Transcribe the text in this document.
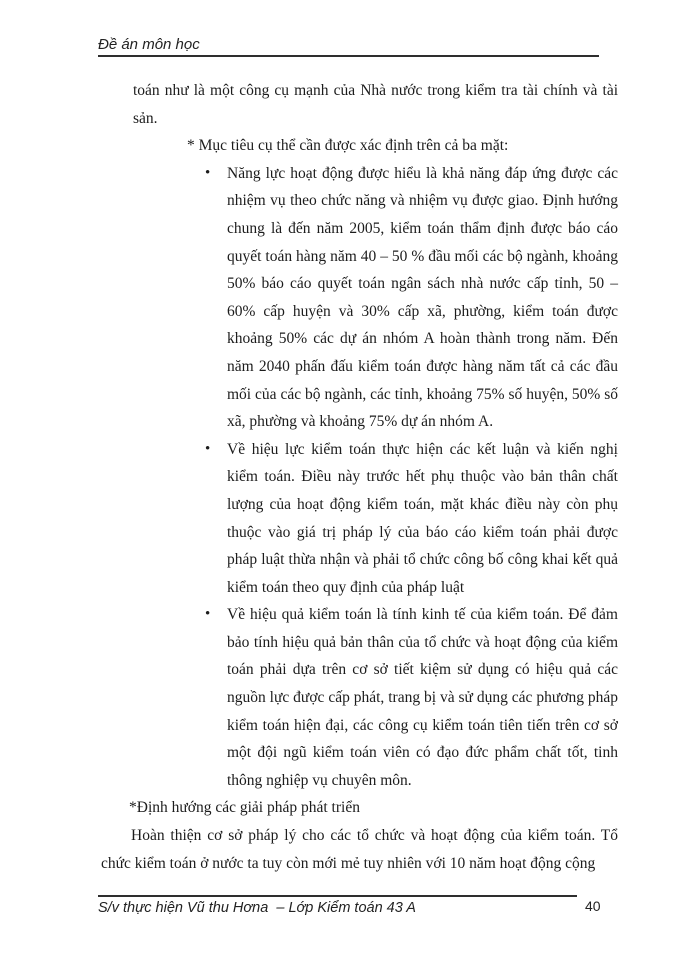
Đề án môn học

toán như là một công cụ mạnh của Nhà nước trong kiểm tra tài chính và tài sản.

* Mục tiêu cụ thể cần được xác định trên cả ba mặt:

• Năng lực hoạt động được hiểu là khả năng đáp ứng được các nhiệm vụ theo chức năng và nhiệm vụ được giao. Định hướng chung là đến năm 2005, kiểm toán thẩm định được báo cáo quyết toán hàng năm 40 – 50 % đầu mối các bộ ngành, khoảng 50% báo cáo quyết toán ngân sách nhà nước cấp tỉnh, 50 – 60% cấp huyện và 30% cấp xã, phường, kiểm toán được khoảng 50% các dự án nhóm A hoàn thành trong năm. Đến năm 2040 phấn đấu kiểm toán được hàng năm tất cả các đầu mối của các bộ ngành, các tỉnh, khoảng 75% số huyện, 50% số xã, phường và khoảng 75% dự án nhóm A.
• Về hiệu lực kiểm toán thực hiện các kết luận và kiến nghị kiểm toán. Điều này trước hết phụ thuộc vào bản thân chất lượng của hoạt động kiểm toán, mặt khác điều này còn phụ thuộc vào giá trị pháp lý của báo cáo kiểm toán phải được pháp luật thừa nhận và phải tổ chức công bố công khai kết quả kiểm toán theo quy định của pháp luật
• Về hiệu quả kiểm toán là tính kinh tế của kiểm toán. Để đảm bảo tính hiệu quả bản thân của tổ chức và hoạt động của kiểm toán phải dựa trên cơ sở tiết kiệm sử dụng có hiệu quả các nguồn lực được cấp phát, trang bị và sử dụng các phương pháp kiểm toán hiện đại, các công cụ kiểm toán tiên tiến trên cơ sở một đội ngũ kiểm toán viên có đạo đức phẩm chất tốt, tinh thông nghiệp vụ chuyên môn.

*Định hướng các giải pháp phát triển

Hoàn thiện cơ sở pháp lý cho các tổ chức và hoạt động của kiểm toán. Tổ chức kiểm toán ở nước ta tuy còn mới mẻ tuy nhiên với 10 năm hoạt động cộng

S/v thực hiện Vũ thu Hơna  – Lớp Kiểm toán 43 A	40
